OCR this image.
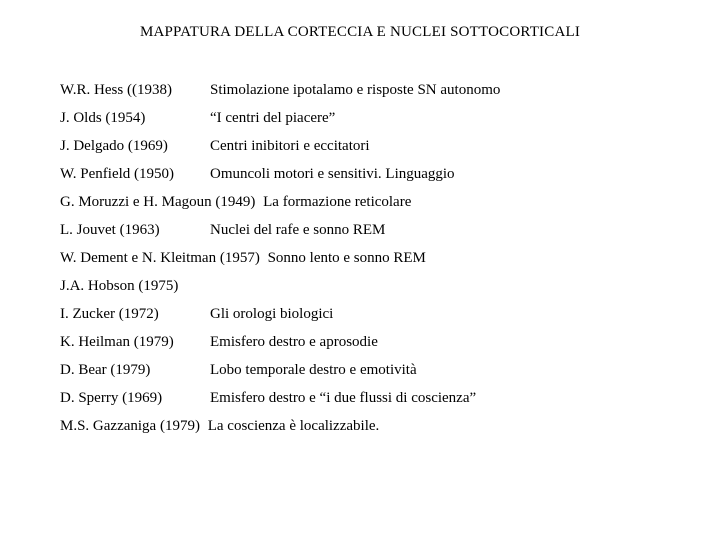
MAPPATURA DELLA CORTECCIA E NUCLEI SOTTOCORTICALI
W.R. Hess ((1938)	Stimolazione ipotalamo e risposte SN autonomo
J. Olds (1954)	“I centri del piacere”
J. Delgado (1969)	Centri inibitori e eccitatori
W. Penfield (1950) Omuncoli motori e sensitivi. Linguaggio
G. Moruzzi e H. Magoun (1949) La formazione reticolare
L. Jouvet (1963)	Nuclei del rafe e sonno REM
W. Dement e N. Kleitman (1957) Sonno lento e sonno REM
J.A. Hobson (1975)
I. Zucker (1972)	Gli orologi biologici
K. Heilman (1979) Emisfero destro e aprosodie
D. Bear (1979)	Lobo temporale destro e emotività
D. Sperry (1969)	Emisfero destro e “i due flussi di coscienza”
M.S. Gazzaniga (1979) La coscienza è localizzabile.
